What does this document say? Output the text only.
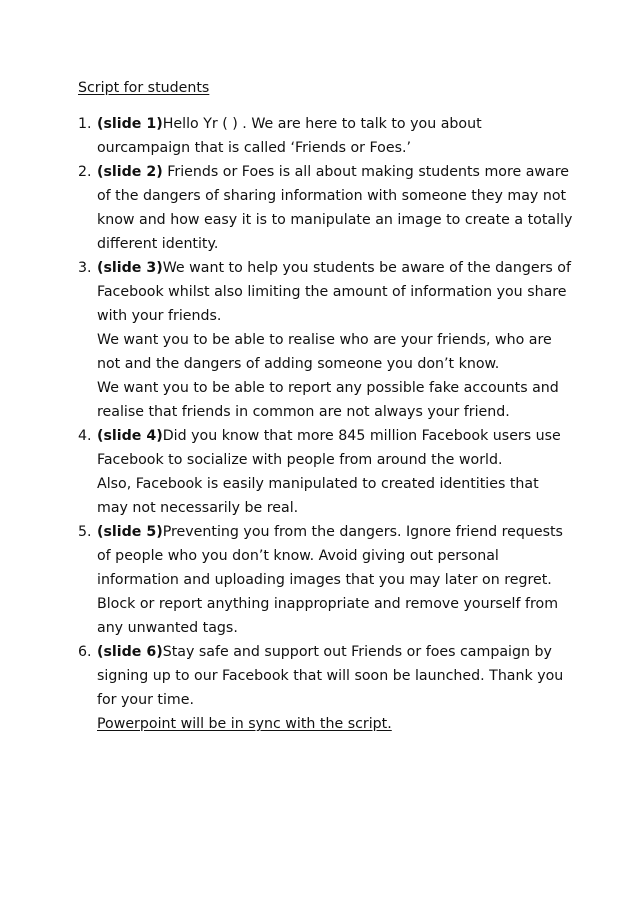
Script for students
1. (slide 1)Hello Yr ( ) . We are here to talk to you about
ourcampaign that is called ‘Friends or Foes.’
2. (slide 2) Friends or Foes is all about making students more aware
of the dangers of sharing information with someone they may not
know and how easy it is to manipulate an image to create a totally
different identity.
3. (slide 3)We want to help you students be aware of the dangers of
Facebook whilst also limiting the amount of information you share
with your friends.
We want you to be able to realise who are your friends, who are
not and the dangers of adding someone you don’t know.
We want you to be able to report any possible fake accounts and
realise that friends in common are not always your friend.
4. (slide 4)Did you know that more 845 million Facebook users use
Facebook to socialize with people from around the world.
Also, Facebook is easily manipulated to created identities that
may not necessarily be real.
5. (slide 5)Preventing you from the dangers. Ignore friend requests
of people who you don’t know. Avoid giving out personal
information and uploading images that you may later on regret.
Block or report anything inappropriate and remove yourself from
any unwanted tags.
6. (slide 6)Stay safe and support out Friends or foes campaign by
signing up to our Facebook that will soon be launched. Thank you
for your time.
Powerpoint will be in sync with the script.
